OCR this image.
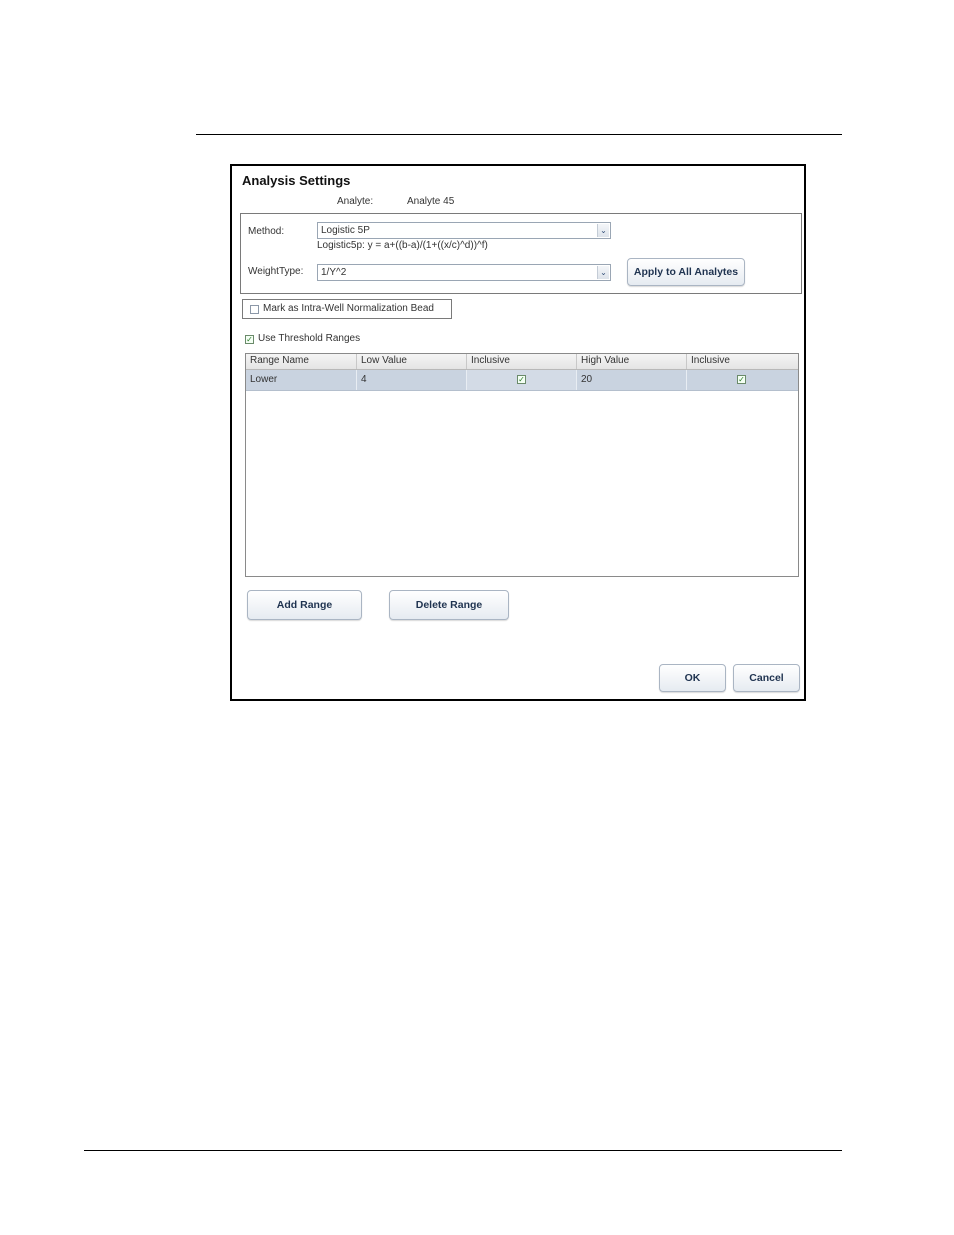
Analysis Settings
Analyte:	Analyte 45
Method:	Logistic 5P	⌄
Logistic5p: y = a+((b-a)/(1+((x/c)^d))^f)
WeightType:	1/Y^2	⌄	Apply to All Analytes
Mark as Intra-Well Normalization Bead
✓ Use Threshold Ranges
Range Name	Low Value	Inclusive	High Value	Inclusive
Lower	4	✓	20	✓
Add Range	Delete Range
OK	Cancel
